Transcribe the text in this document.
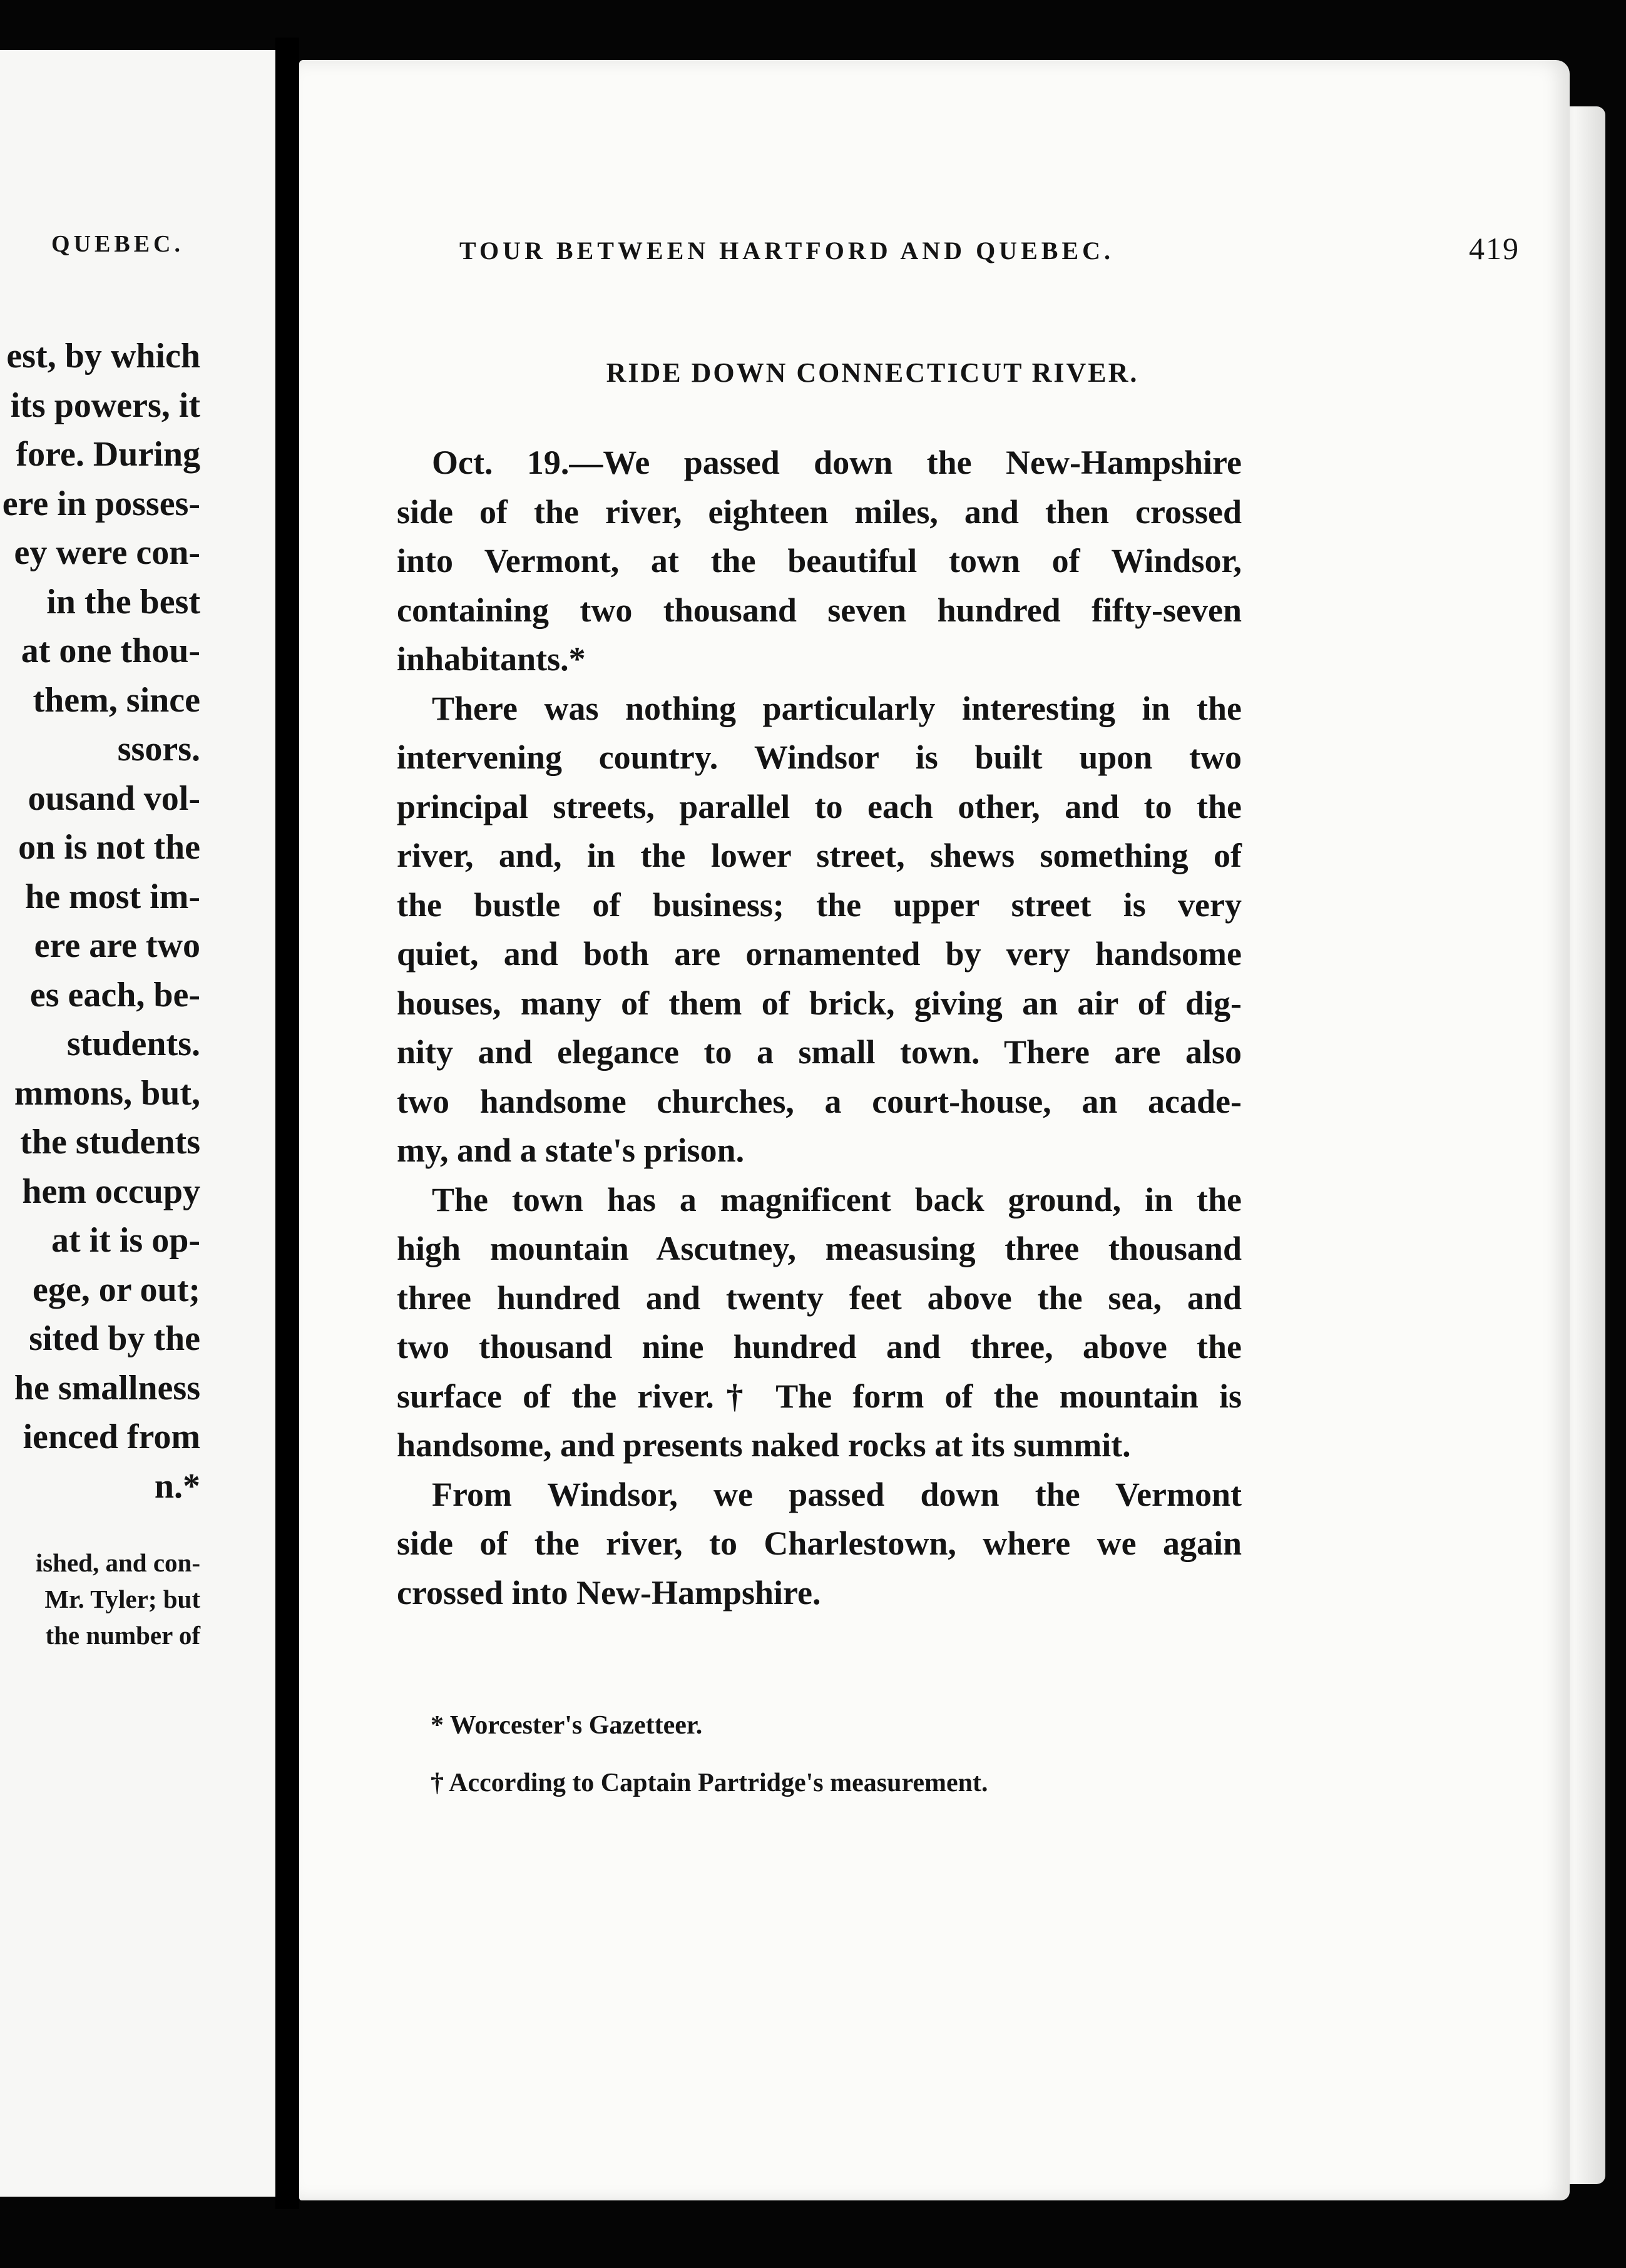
QUEBEC.
est, by which
its powers, it
fore. During
ere in posses-
ey were con-
in the best
at one thou-
them, since
ssors.
ousand vol-
on is not the
he most im-
ere are two
es each, be-
students.
mmons, but,
the students
hem occupy
at it is op-
ege, or out;
sited by the
he smallness
ienced from
n.*
ished, and con-
Mr. Tyler; but
the number of
TOUR BETWEEN HARTFORD AND QUEBEC.	419
RIDE DOWN CONNECTICUT RIVER.
Oct. 19.—We passed down the New-Hampshire
side of the river, eighteen miles, and then crossed
into Vermont, at the beautiful town of Windsor,
containing two thousand seven hundred fifty-seven
inhabitants.*
There was nothing particularly interesting in the
intervening country. Windsor is built upon two
principal streets, parallel to each other, and to the
river, and, in the lower street, shews something of
the bustle of business; the upper street is very
quiet, and both are ornamented by very handsome
houses, many of them of brick, giving an air of dig-
nity and elegance to a small town. There are also
two handsome churches, a court-house, an acade-
my, and a state's prison.
The town has a magnificent back ground, in the
high mountain Ascutney, measusing three thousand
three hundred and twenty feet above the sea, and
two thousand nine hundred and three, above the
surface of the river.† The form of the mountain is
handsome, and presents naked rocks at its summit.
From Windsor, we passed down the Vermont
side of the river, to Charlestown, where we again
crossed into New-Hampshire.

* Worcester's Gazetteer.

† According to Captain Partridge's measurement.
